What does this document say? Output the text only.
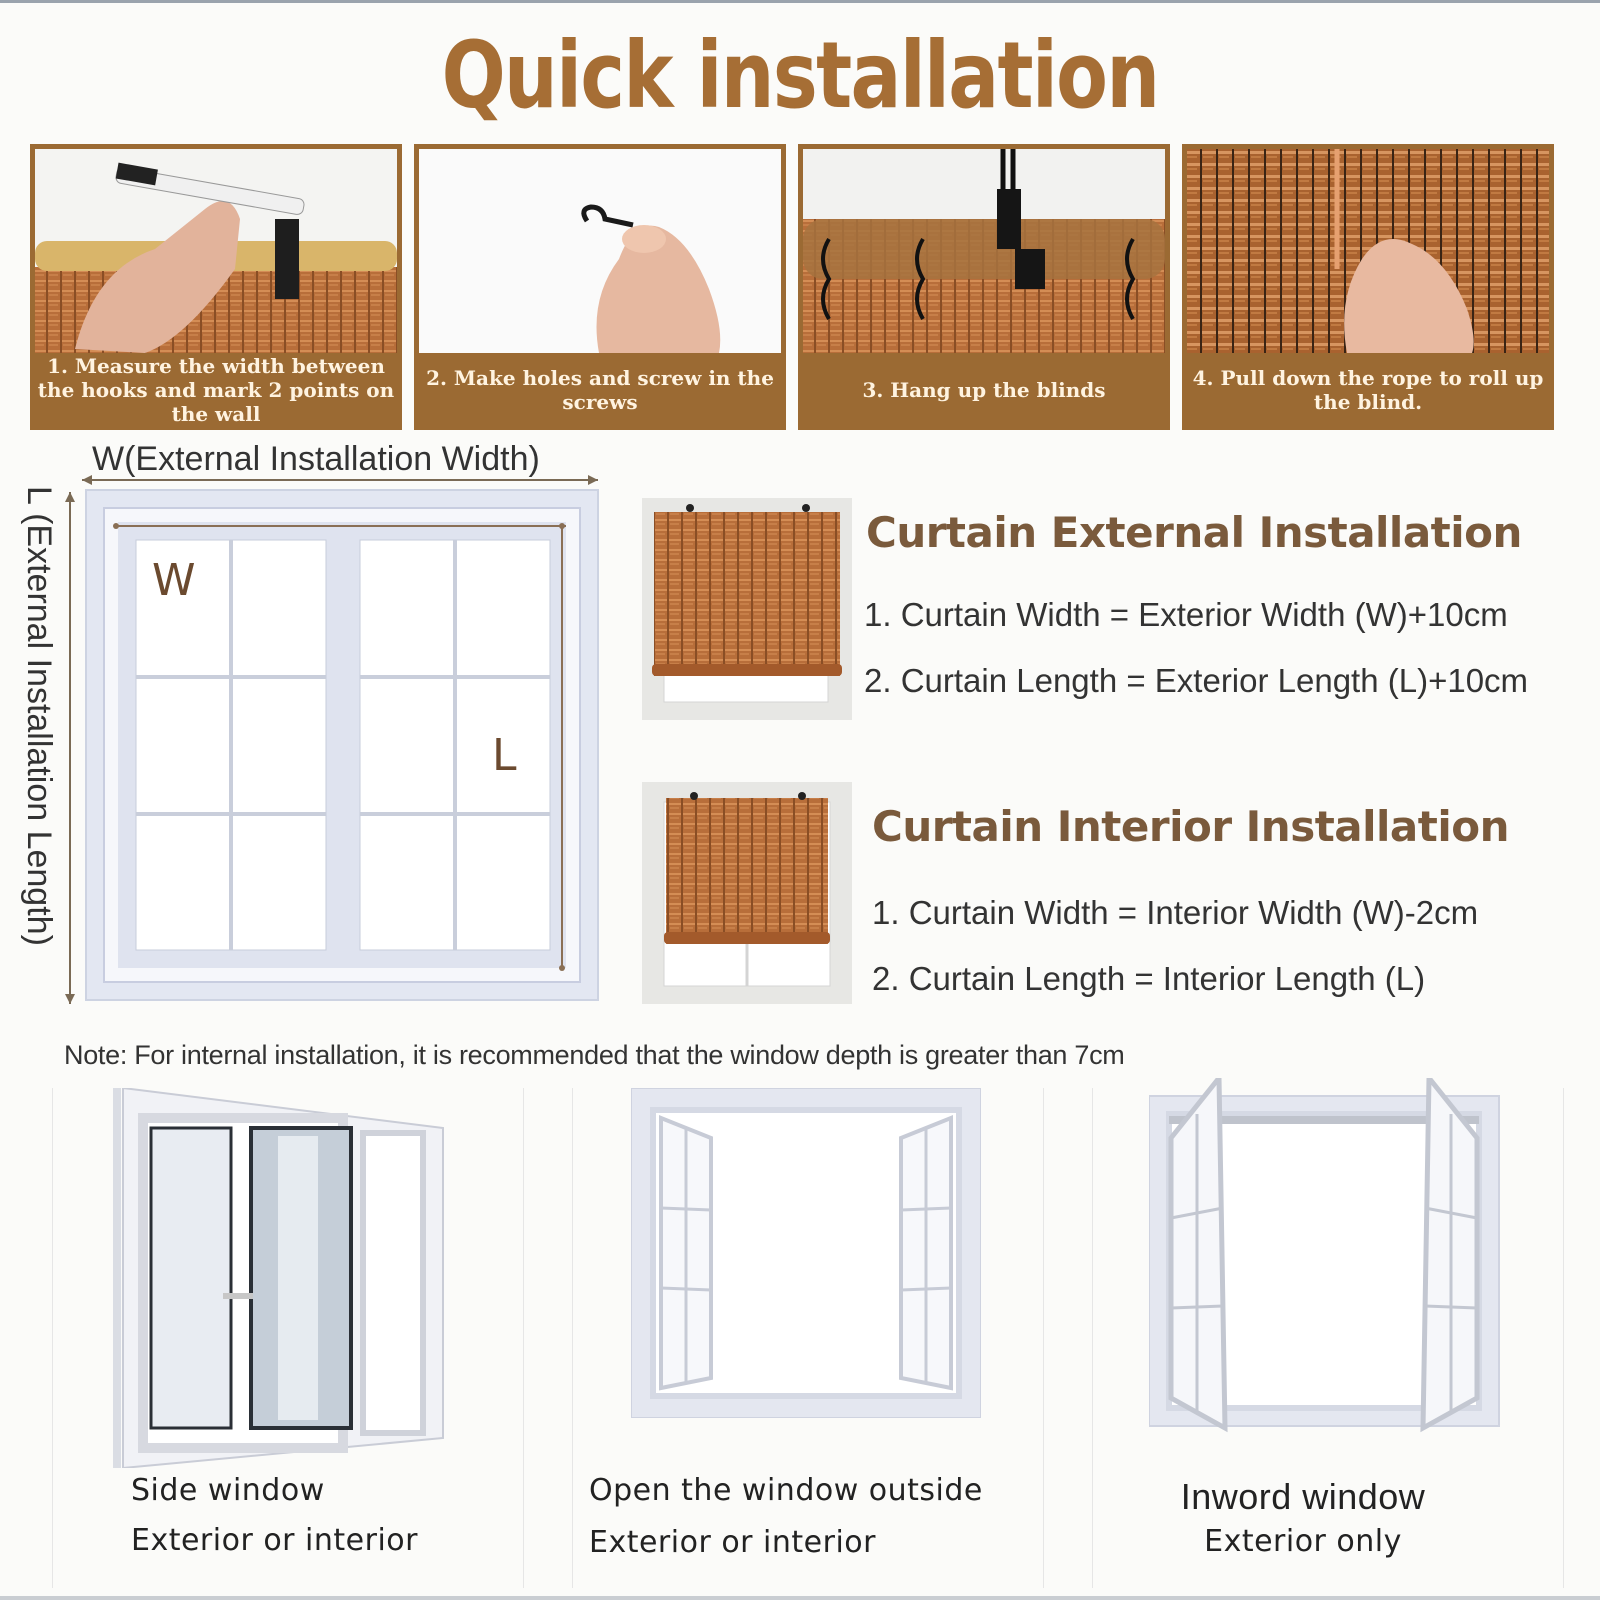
Quick installation
1. Measure the width between the hooks and mark 2 points on the wall
2. Make holes and screw in the screws	3. Hang up the blinds	4. Pull down the rope to roll up the blind.
W(External Installation Width)
L (External Installation Length) W
L
Curtain External Installation
1. Curtain Width = Exterior Width (W)+10cm
2. Curtain Length = Exterior Length (L)+10cm
Curtain Interior Installation
1. Curtain Width = Interior Width (W)-2cm
2. Curtain Length = Interior Length (L)
Note: For internal installation, it is recommended that the window depth is greater than 7cm
Side window
Exterior or interior
Open the window outside
Exterior or interior
Inword window
Exterior only
